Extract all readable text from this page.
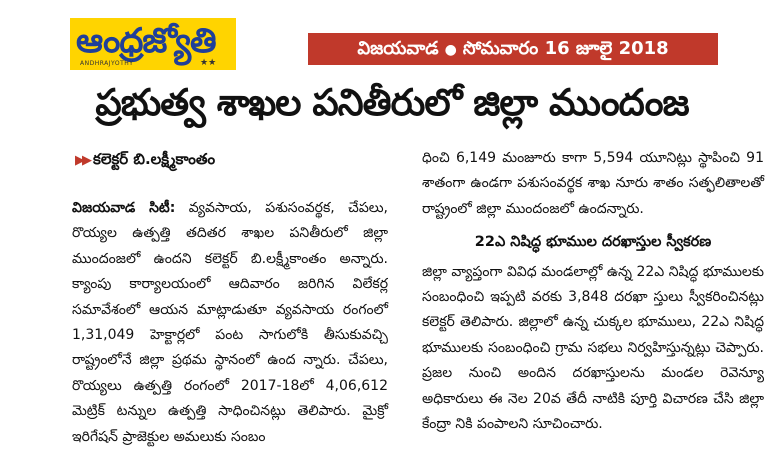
ఆంధ్రజ్యోతి
ANDHRAJYOTHY	★★
విజయవాడ ● సోమవారం 16 జూలై 2018
ప్రభుత్వ శాఖల పనితీరులో జిల్లా ముందంజ
▶▶ కలెక్టర్ బి.లక్ష్మీకాంతం

విజయవాడ సిటీ: వ్యవసాయ, పశుసంవర్థక, చేపలు, రొయ్యల ఉత్పత్తి తదితర శాఖల పనితీరులో జిల్లా ముందంజలో ఉందని కలెక్టర్ బి.లక్ష్మీకాంతం అన్నారు. క్యాంపు కార్యాలయంలో ఆదివారం జరిగిన విలేకర్ల సమావేశంలో ఆయన మాట్లాడుతూ వ్యవసాయ రంగంలో 1,31,049 హెక్టార్లలో పంట సాగులోకి తీసుకువచ్చి రాష్ట్రంలోనే జిల్లా ప్రథమ స్థానంలో ఉంద న్నారు. చేపలు, రొయ్యలు ఉత్పత్తి రంగంలో 2017-18లో 4,06,612 మెట్రిక్ టన్నుల ఉత్పత్తి సాధించినట్లు తెలిపారు. మైక్రో ఇరిగేషన్ ప్రాజెక్టుల అమలుకు సంబం

ధించి 6,149 మంజూరు కాగా 5,594 యూనిట్లు స్థాపించి 91 శాతంగా ఉండగా పశుసంవర్థక శాఖ నూరు శాతం సత్ఫలితాలతో రాష్ట్రంలో జిల్లా ముందంజలో ఉందన్నారు.

22ఎ నిషిద్ధ భూముల దరఖాస్తుల స్వీకరణ

జిల్లా వ్యాప్తంగా వివిధ మండలాల్లో ఉన్న 22ఎ నిషిద్ధ భూములకు సంబంధించి ఇప్పటి వరకు 3,848 దరఖా స్తులు స్వీకరించినట్లు కలెక్టర్ తెలిపారు. జిల్లాలో ఉన్న చుక్కల భూములు, 22ఎ నిషిద్ధ భూములకు సంబంధించి గ్రామ సభలు నిర్వహిస్తున్నట్లు చెప్పారు. ప్రజల నుంచి అందిన దరఖాస్తులను మండల రెవెన్యూ అధికారులు ఈ నెల 20వ తేదీ నాటికి పూర్తి విచారణ చేసి జిల్లా కేంద్రా నికి పంపాలని సూచించారు.
